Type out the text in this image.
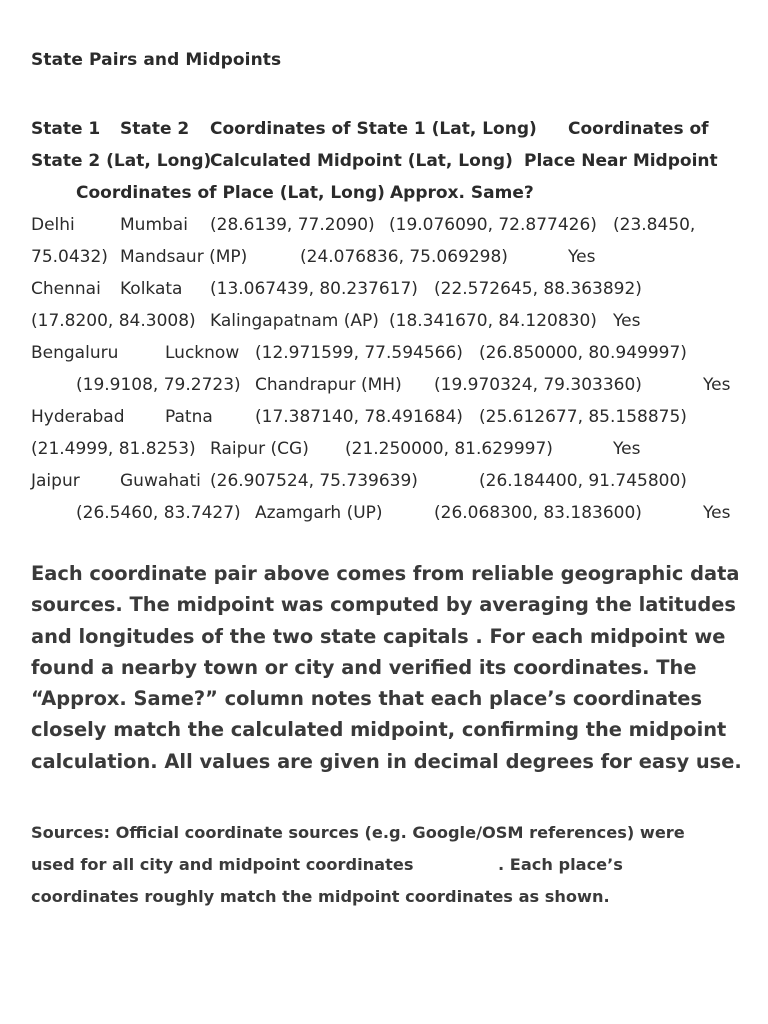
State Pairs and Midpoints
State 1 State 2 Coordinates of State 1 (Lat, Long) Coordinates of
State 2 (Lat, Long)
Calculated Midpoint (Lat, Long) Place Near Midpoint
Coordinates of Place (Lat, Long) Approx. Same?
Delhi	Mumbai (28.6139, 77.2090) (19.076090, 72.877426) (23.8450,
75.0432) Mandsaur (MP)	(24.076836, 75.069298)	Yes
Chennai Kolkata (13.067439, 80.237617) (22.572645, 88.363892)
(17.8200, 84.3008) Kalingapatnam (AP) (18.341670, 84.120830) Yes
Bengaluru	Lucknow (12.971599, 77.594566) (26.850000, 80.949997)
(19.9108, 79.2723) Chandrapur (MH) (19.970324, 79.303360)	Yes
Hyderabad Patna (17.387140, 78.491684) (25.612677, 85.158875)
(21.4999, 81.8253) Raipur (CG) (21.250000, 81.629997)	Yes
Jaipur Guwahati (26.907524, 75.739639)	(26.184400, 91.745800)
(26.5460, 83.7427) Azamgarh (UP)	(26.068300, 83.183600)	Yes
Each coordinate pair above comes from reliable geographic data
sources. The midpoint was computed by averaging the latitudes
and longitudes of the two state capitals . For each midpoint we
found a nearby town or city and verified its coordinates. The
“Approx. Same?” column notes that each place’s coordinates
closely match the calculated midpoint, confirming the midpoint
calculation. All values are given in decimal degrees for easy use.
Sources: Official coordinate sources (e.g. Google/OSM references) were
used for all city and midpoint coordinates	. Each place’s
coordinates roughly match the midpoint coordinates as shown.
